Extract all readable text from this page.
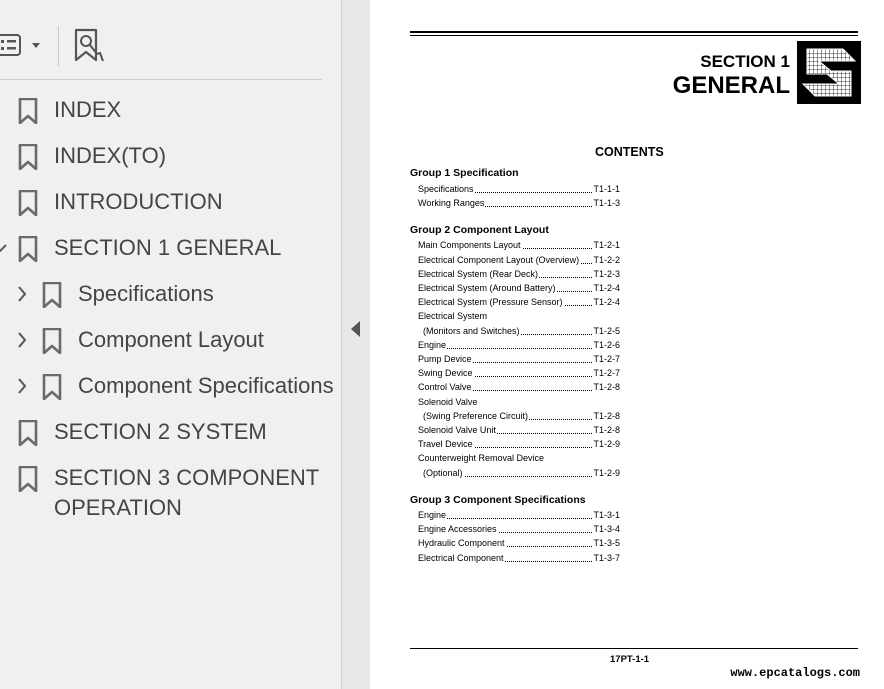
INDEX
INDEX(TO)
INTRODUCTION
SECTION 1 GENERAL
Specifications
Component Layout
Component Specifications
SECTION 2 SYSTEM
SECTION 3 COMPONENT
OPERATION
SECTION 1
GENERAL
CONTENTS
Group 1 Specification
Specifications	T1-1-1
Working Ranges	T1-1-3
Group 2 Component Layout
Main Components Layout	T1-2-1
Electrical Component Layout (Overview) T1-2-2
Electrical System (Rear Deck)	T1-2-3
Electrical System (Around Battery)	T1-2-4
Electrical System (Pressure Sensor)	T1-2-4
Electrical System
(Monitors and Switches)	T1-2-5
Engine	T1-2-6
Pump Device	T1-2-7
Swing Device	T1-2-7
Control Valve	T1-2-8
Solenoid Valve
(Swing Preference Circuit)	T1-2-8
Solenoid Valve Unit	T1-2-8
Travel Device	T1-2-9
Counterweight Removal Device
(Optional)	T1-2-9
Group 3 Component Specifications
Engine	T1-3-1
Engine Accessories	T1-3-4
Hydraulic Component	T1-3-5
Electrical Component	T1-3-7
17PT-1-1
www.epcatalogs.com
